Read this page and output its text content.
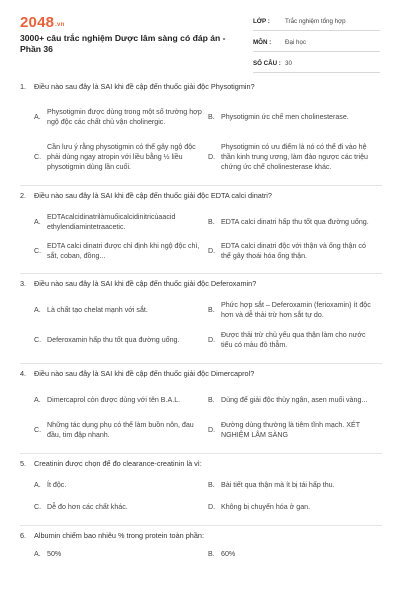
2048.vn
3000+ câu trắc nghiệm Dược lâm sàng có đáp án - Phần 36
LỚP : Trắc nghiệm tổng hợp
MÔN : Đại học
SỐ CÂU : 30
1. Điều nào sau đây là SAI khi đề cập đến thuốc giải độc Physotigmin?
A.
Physotigmin được dùng trong một số trường hợp ngộ độc các chất chủ vận cholinergic.
B. Physotigmin ức chế men cholinesterase.
C.
Cần lưu ý rằng physotigmin có thể gây ngộ độc phải dùng ngay atropin với liều bằng ½ liều physotigmin dùng lần cuối.
D.
Physotigmin có ưu điểm là nó có thể đi vào hệ thần kinh trung ương, làm đảo ngược các triệu chứng ức chế cholinesterase khác.
2. Điều nào sau đây là SAI khi đề cập đến thuốc giải độc EDTA calci dinatri?
A.
EDTAcalcidinatrilàmuốicalcidinitricủaacid ethylendiamintetraacetic.
B. EDTA calci dinatri hấp thu tốt qua đường uống.
C.
EDTA calci dinatri được chỉ định khi ngộ độc chì, sắt, coban, đồng...
D.
EDTA calci dinatri độc với thận và ống thận có thể gây thoái hóa ống thận.
3. Điều nào sau đây là SAI khi đề cập đến thuốc giải độc Deferoxamin?
A. Là chất tạo chelat mạnh với sắt.	B.
Phức hợp sắt – Deferoxamin (ferioxamin) ít độc hơn và dễ thải trừ hơn sắt tự do.
C. Deferoxamin hấp thu tốt qua đường uống.	D.
Được thải trừ chủ yếu qua thận làm cho nước tiểu có màu đỏ thẫm.
4. Điều nào sau đây là SAI khi đề cập đến thuốc giải độc Dimercaprol?
A. Dimercaprol còn được dùng với tên B.A.L.	B. Dùng để giải độc thủy ngân, asen muối vàng...
C.
Những tác dụng phụ có thể làm buồn nôn, đau đầu, tim đập nhanh.
D.
Đường dùng thường là tiêm tĩnh mạch. XÉT NGHIỆM LÂM SÀNG
5. Creatinin được chọn để đo clearance-creatinin là vì:
A. Ít độc.	B. Bài tiết qua thận mà ít bị tái hấp thu.
C. Dễ đo hơn các chất khác.	D. Không bị chuyển hóa ở gan.
6. Albumin chiếm bao nhiêu % trong protein toàn phần:
A. 50%	B. 60%
